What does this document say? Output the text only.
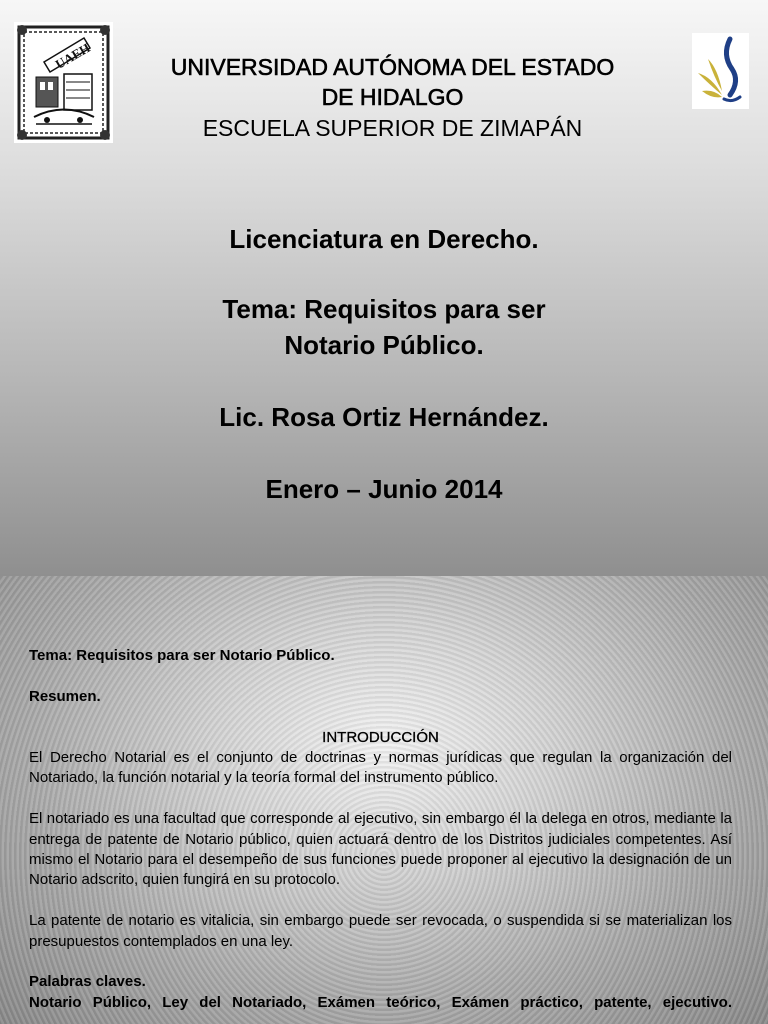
UAEH	UNIVERSIDAD AUTÓNOMA DEL ESTADO
DE HIDALGO
ESCUELA SUPERIOR DE ZIMAPÁN
Licenciatura en Derecho.
Tema: Requisitos para ser
Notario Público.
Lic. Rosa Ortiz Hernández.
Enero – Junio 2014

Tema: Requisitos para ser Notario Público.

Resumen.

INTRODUCCIÓN

El Derecho Notarial es el conjunto de doctrinas y normas jurídicas que regulan la organización del Notariado, la función notarial y la teoría formal del instrumento público.

El notariado es una facultad que corresponde al ejecutivo, sin embargo él la delega en otros, mediante la entrega de patente de Notario público, quien actuará dentro de los Distritos judiciales competentes. Así mismo el Notario para el desempeño de sus funciones puede proponer al ejecutivo la designación de un Notario adscrito, quien fungirá en su protocolo.

La patente de notario es vitalicia, sin embargo puede ser revocada, o suspendida si se materializan los presupuestos contemplados en una ley.

Palabras claves.

Notario Público, Ley del Notariado, Exámen teórico, Exámen práctico, patente, ejecutivo.
